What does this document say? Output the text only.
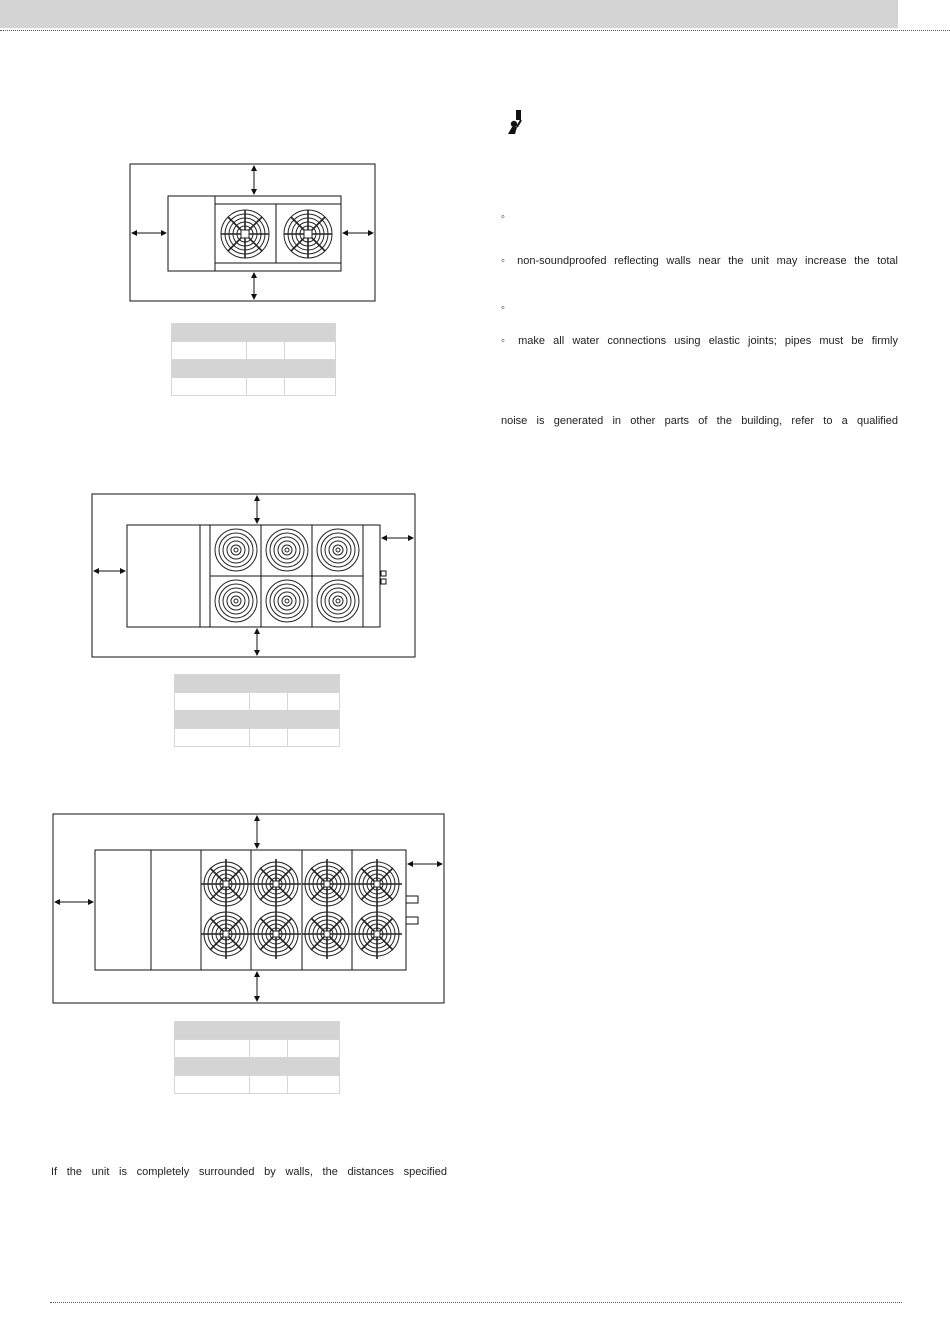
◦
◦ non-soundproofed reflecting walls near the unit may increase the total
◦
◦ make all water connections using elastic joints; pipes must be firmly
noise is generated in other parts of the building, refer to a qualified
If the unit is completely surrounded by walls, the distances specified
